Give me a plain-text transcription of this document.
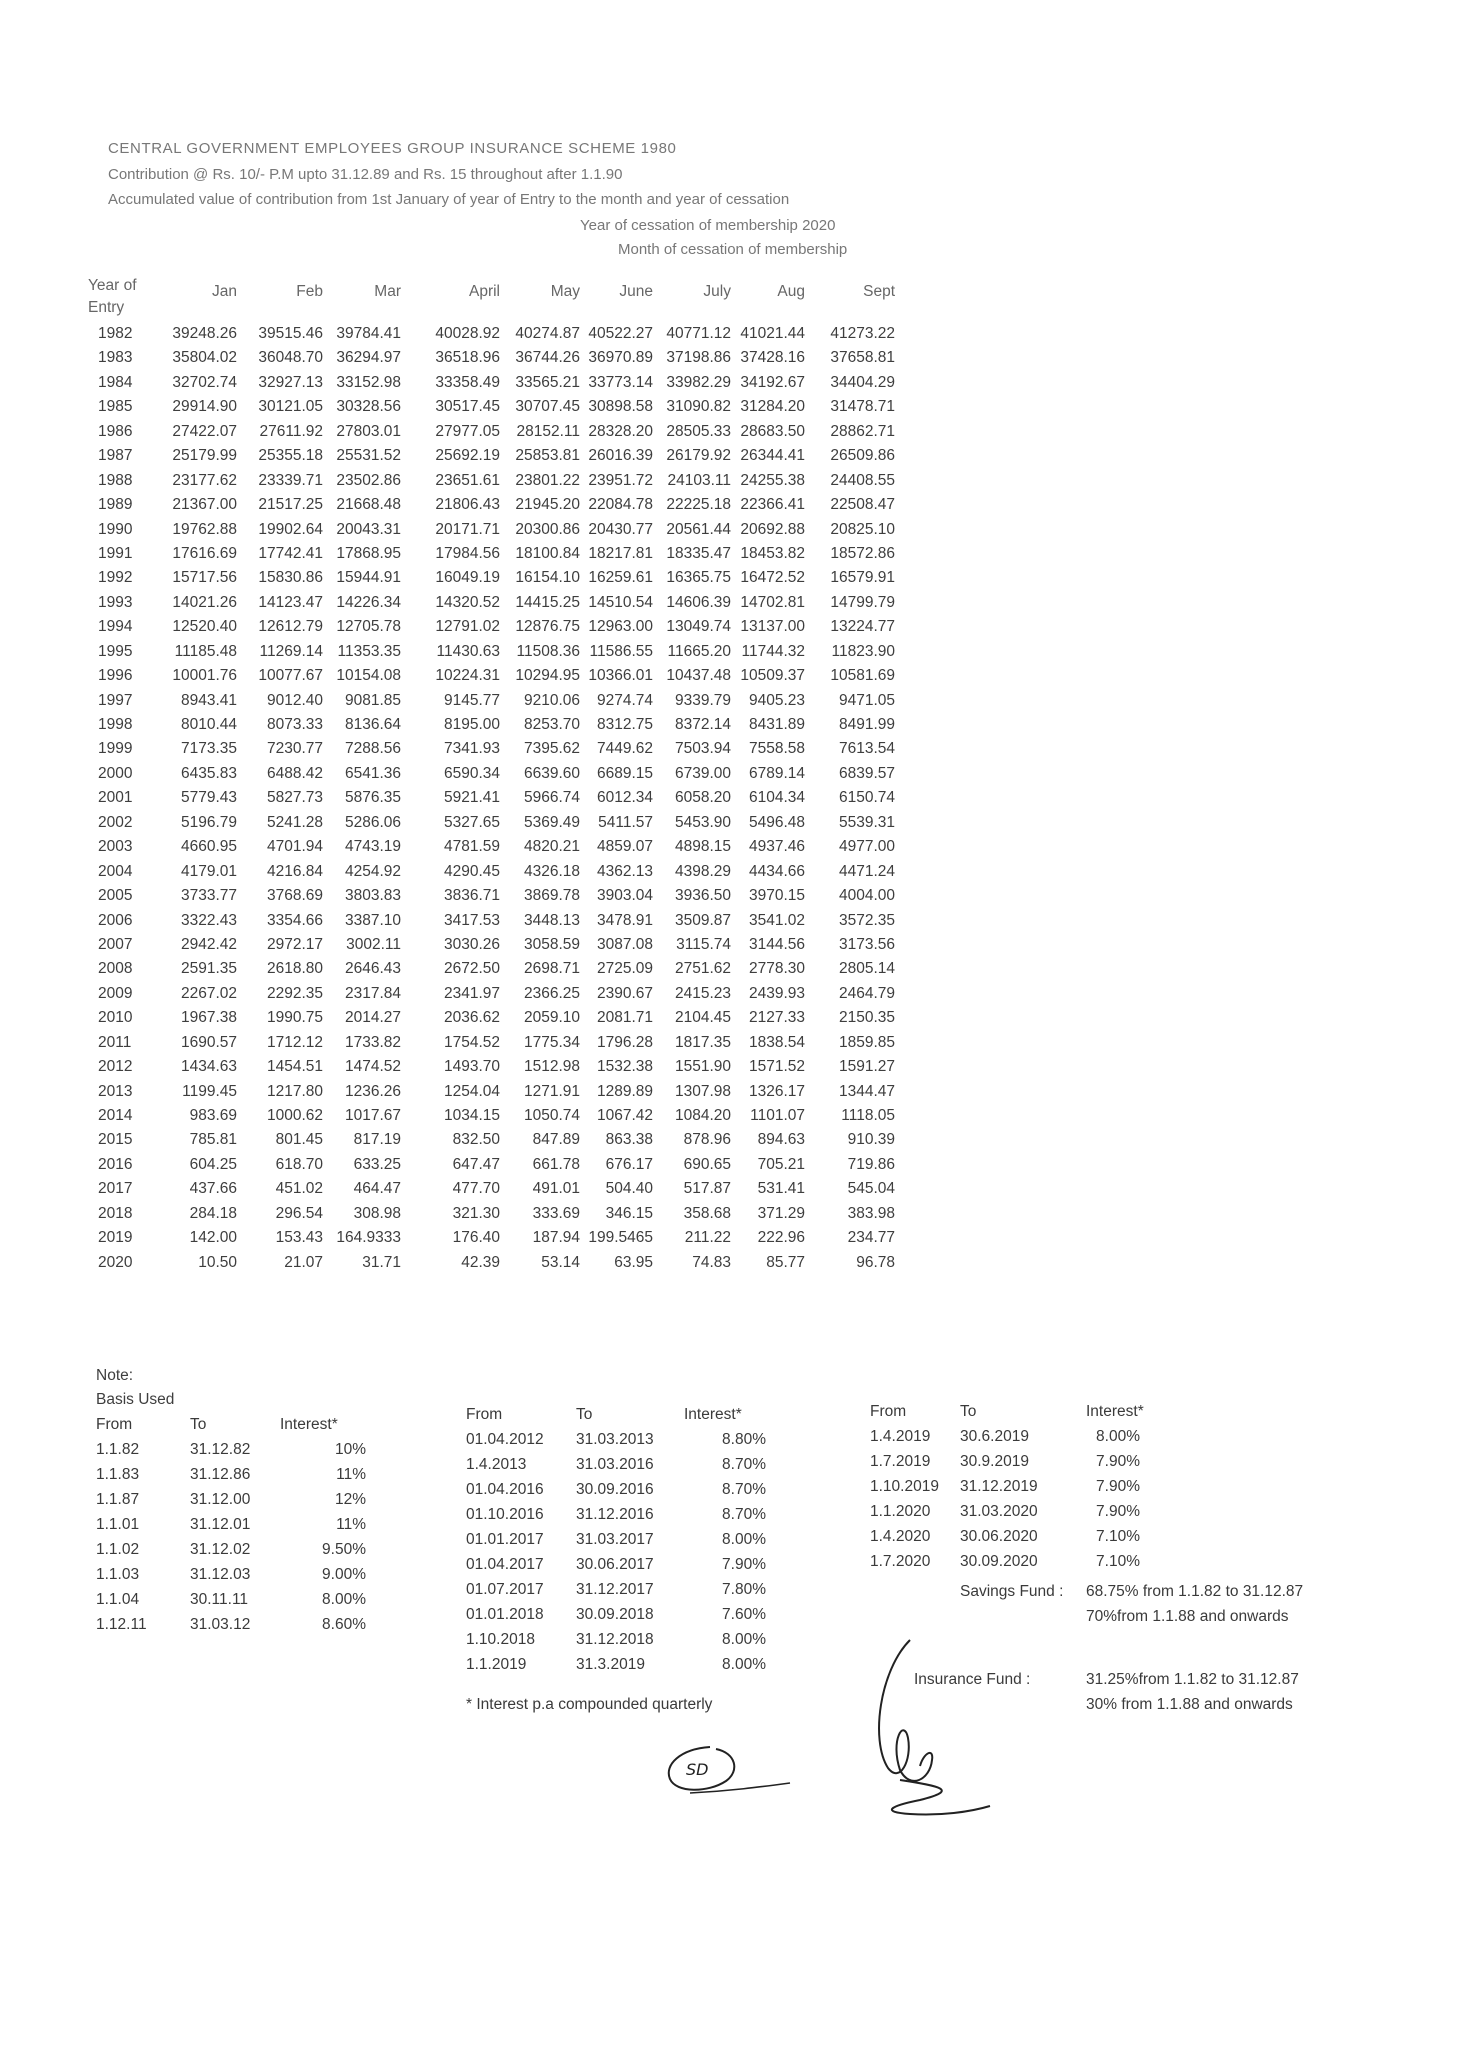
CENTRAL GOVERNMENT EMPLOYEES GROUP INSURANCE SCHEME 1980
Contribution @ Rs. 10/- P.M upto 31.12.89 and Rs. 15 throughout after 1.1.90
Accumulated value of contribution from 1st January of year of Entry to the month and year of cessation
Year of cessation of membership 2020
Month of cessation of membership
Year of
Entry
Jan	Feb	Mar	April	May	June	July	Aug	Sept
1982	39248.26 39515.46 39784.41 40028.92 40274.87 40522.27 40771.12 41021.44 41273.22
1983	35804.02 36048.70 36294.97 36518.96 36744.26 36970.89 37198.86 37428.16 37658.81
1984	32702.74 32927.13 33152.98 33358.49 33565.21 33773.14 33982.29 34192.67 34404.29
1985	29914.90 30121.05 30328.56 30517.45 30707.45 30898.58 31090.82 31284.20 31478.71
1986	27422.07 27611.92 27803.01 27977.05 28152.11 28328.20 28505.33 28683.50 28862.71
1987	25179.99 25355.18 25531.52 25692.19 25853.81 26016.39 26179.92 26344.41 26509.86
1988	23177.62 23339.71 23502.86 23651.61 23801.22 23951.72 24103.11 24255.38 24408.55
1989	21367.00 21517.25 21668.48 21806.43 21945.20 22084.78 22225.18 22366.41 22508.47
1990	19762.88 19902.64 20043.31 20171.71 20300.86 20430.77 20561.44 20692.88 20825.10
1991	17616.69 17742.41 17868.95 17984.56 18100.84 18217.81 18335.47 18453.82 18572.86
1992	15717.56 15830.86 15944.91 16049.19 16154.10 16259.61 16365.75 16472.52 16579.91
1993	14021.26 14123.47 14226.34 14320.52 14415.25 14510.54 14606.39 14702.81 14799.79
1994	12520.40 12612.79 12705.78 12791.02 12876.75 12963.00 13049.74 13137.00 13224.77
1995	11185.48 11269.14 11353.35 11430.63 11508.36 11586.55 11665.20 11744.32 11823.90
1996	10001.76 10077.67 10154.08 10224.31 10294.95 10366.01 10437.48 10509.37 10581.69
1997	8943.41 9012.40 9081.85	9145.77 9210.06 9274.74 9339.79 9405.23 9471.05
1998	8010.44 8073.33 8136.64	8195.00 8253.70 8312.75 8372.14 8431.89 8491.99
1999	7173.35 7230.77 7288.56	7341.93 7395.62 7449.62 7503.94 7558.58 7613.54
2000	6435.83 6488.42 6541.36	6590.34 6639.60 6689.15 6739.00 6789.14 6839.57
2001	5779.43 5827.73 5876.35	5921.41 5966.74 6012.34 6058.20 6104.34 6150.74
2002	5196.79 5241.28 5286.06	5327.65 5369.49 5411.57 5453.90 5496.48 5539.31
2003	4660.95 4701.94 4743.19	4781.59 4820.21 4859.07 4898.15 4937.46 4977.00
2004	4179.01 4216.84 4254.92	4290.45 4326.18 4362.13 4398.29 4434.66 4471.24
2005	3733.77 3768.69 3803.83	3836.71 3869.78 3903.04 3936.50 3970.15 4004.00
2006	3322.43 3354.66 3387.10	3417.53 3448.13 3478.91 3509.87 3541.02 3572.35
2007	2942.42 2972.17 3002.11	3030.26 3058.59 3087.08 3115.74 3144.56 3173.56
2008	2591.35 2618.80 2646.43	2672.50 2698.71 2725.09 2751.62 2778.30 2805.14
2009	2267.02 2292.35 2317.84	2341.97 2366.25 2390.67 2415.23 2439.93 2464.79
2010	1967.38 1990.75 2014.27	2036.62 2059.10 2081.71 2104.45 2127.33 2150.35
2011	1690.57 1712.12 1733.82	1754.52 1775.34 1796.28 1817.35 1838.54 1859.85
2012	1434.63 1454.51 1474.52	1493.70 1512.98 1532.38 1551.90 1571.52 1591.27
2013	1199.45 1217.80 1236.26	1254.04 1271.91 1289.89 1307.98 1326.17 1344.47
2014	983.69 1000.62 1017.67	1034.15 1050.74 1067.42 1084.20 1101.07 1118.05
2015	785.81 801.45 817.19	832.50 847.89 863.38 878.96 894.63	910.39
2016	604.25 618.70 633.25	647.47 661.78 676.17 690.65 705.21	719.86
2017	437.66 451.02 464.47	477.70 491.01 504.40 517.87 531.41	545.04
2018	284.18 296.54 308.98	321.30 333.69 346.15 358.68 371.29	383.98
2019	142.00 153.43 164.9333	176.40 187.94 199.5465 211.22 222.96	234.77
2020	10.50	21.07	31.71	42.39	53.14 63.95	74.83 85.77	96.78
Note:
Basis Used
From	To	Interest*
1.1.82	31.12.82	10%
1.1.83	31.12.86	11%
1.1.87	31.12.00	12%
1.1.01	31.12.01	11%
1.1.02	31.12.02	9.50%
1.1.03	31.12.03	9.00%
1.1.04	30.11.11	8.00%
1.12.11	31.03.12	8.60%
From	To	Interest*
01.04.2012 31.03.2013	8.80%
1.4.2013	31.03.2016	8.70%
01.04.2016 30.09.2016	8.70%
01.10.2016 31.12.2016	8.70%
01.01.2017 31.03.2017	8.00%
01.04.2017 30.06.2017	7.90%
01.07.2017 31.12.2017	7.80%
01.01.2018 30.09.2018	7.60%
1.10.2018	31.12.2018	8.00%
1.1.2019	31.3.2019	8.00%
From	To	Interest*
1.4.2019 30.6.2019	8.00%
1.7.2019 30.9.2019	7.90%
1.10.2019 31.12.2019	7.90%
1.1.2020 31.03.2020	7.90%
1.4.2020 30.06.2020	7.10%
1.7.2020 30.09.2020	7.10%
* Interest p.a compounded quarterly
Savings Fund : 68.75% from 1.1.82 to 31.12.87
70%from 1.1.88 and onwards
Insurance Fund :	31.25%from 1.1.82 to 31.12.87
30% from 1.1.88 and onwards
SD
